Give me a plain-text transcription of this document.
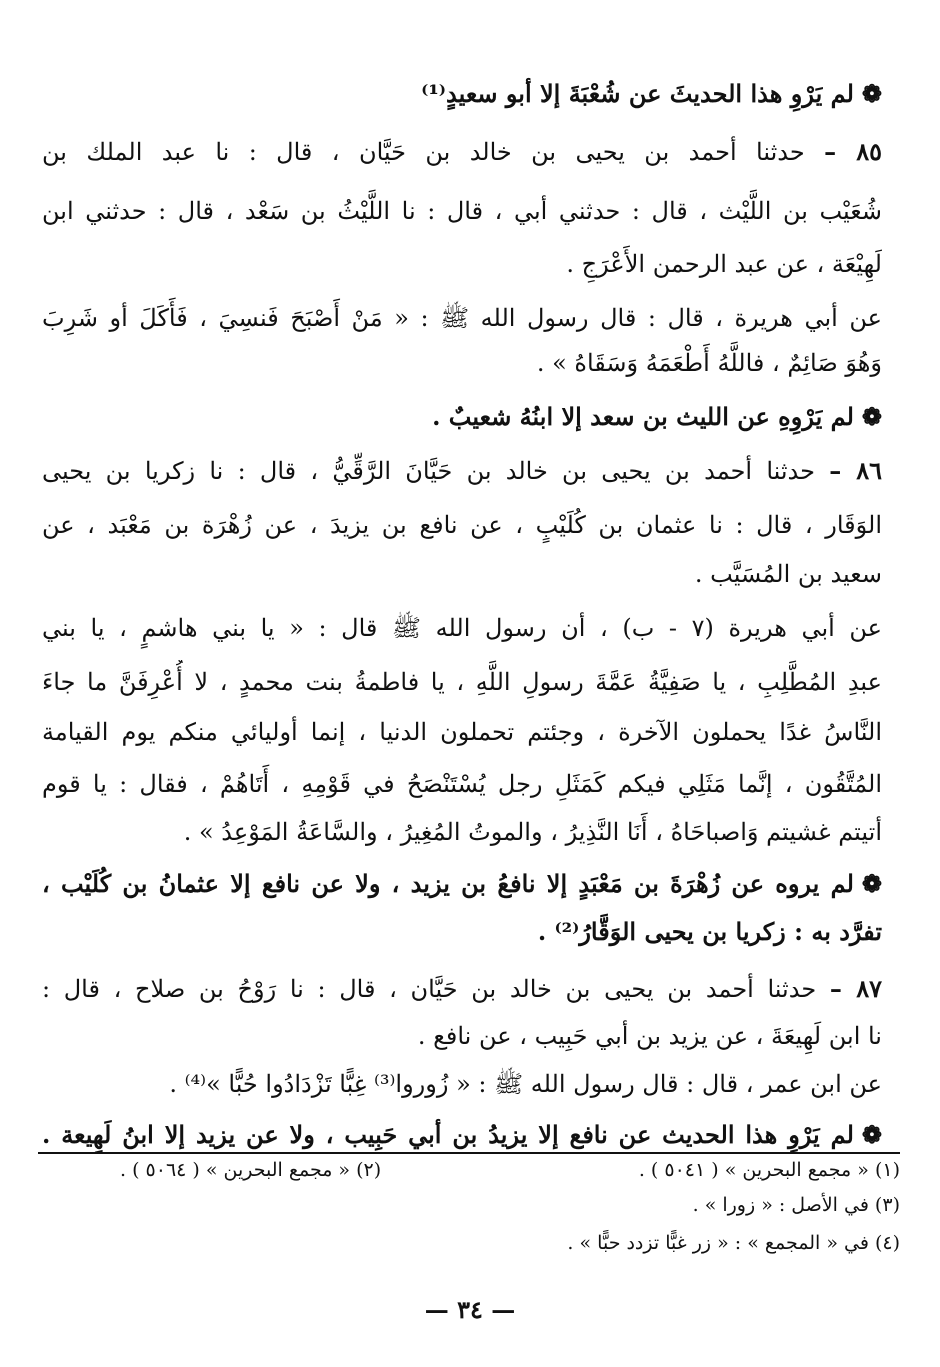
❁لم يَرْوِ هذا الحديثَ عن شُعْبَةَ إلا أبو سعيدٍ⁽¹⁾
٨٥ – حدثنا أحمد بن يحيى بن خالد بن حَيَّان ، قال : نا عبد الملك بن
شُعَيْب بن اللَّيْث ، قال : حدثني أبي ، قال : نا اللَّيْثُ بن سَعْد ، قال : حدثني ابن
لَهِيْعَة ، عن عبد الرحمن الأَعْرَجِ .
عن أبي هريرة ، قال : قال رسول الله ﷺ : « مَنْ أَصْبَحَ فَنسِيَ ، فَأَكَلَ أو شَرِبَ
وَهُوَ صَائِمٌ ، فاللَّهُ أَطْعَمَهُ وَسَقَاهُ » .
❁لم يَرْوِهِ عن الليث بن سعد إلا ابنُهُ شعيبٌ .
٨٦ – حدثنا أحمد بن يحيى بن خالد بن حَيَّانَ الرَّقِّيُّ ، قال : نا زكريا بن يحيى
الوَقَار ، قال : نا عثمان بن كُلَيْبٍ ، عن نافع بن يزيدَ ، عن زُهْرَة بن مَعْبَد ، عن
سعيد بن المُسَيَّب .
عن أبي هريرة (٧ - ب) ، أن رسول الله ﷺ قال : « يا بني هاشمٍ ، يا بني
عبدِ المُطَّلِبِ ، يا صَفِيَّةُ عَمَّةَ رسولِ اللَّهِ ، يا فاطمةُ بنت محمدٍ ، لا أُعْرِفَنَّ ما جاءَ
النَّاسُ غدًا يحملون الآخرة ، وجئتم تحملون الدنيا ، إنما أوليائي منكم يوم القيامة
المُتَّقُون ، إنَّما مَثَلِي فيكم كَمَثَلِ رجل يُسْتَنْصَحُ في قَوْمِهِ ، أَتَاهُمْ ، فقال : يا قوم
أتيتم غشيتم وَاصباحَاهُ ، أَنَا النَّذِيرُ ، والموتُ المُغِيرُ ، والسَّاعَةُ المَوْعِدُ » .
❁لم يروه عن زُهْرَةَ بن مَعْبَدٍ إلا نافعُ بن يزيد ، ولا عن نافع إلا عثمانُ بن كُلَيْب ،
تفرَّد به : زكريا بن يحيى الوَقَّارُ⁽²⁾ .
٨٧ – حدثنا أحمد بن يحيى بن خالد بن حَيَّان ، قال : نا رَوْحُ بن صلاح ، قال :
نا ابن لَهِيعَةَ ، عن يزيد بن أبي حَبِيب ، عن نافع .
عن ابن عمر ، قال : قال رسول الله ﷺ : « زُوروا⁽³⁾ غِبًّا تَزْدَادُوا حُبًّا »⁽⁴⁾ .
❁لم يَرْوِ هذا الحديث عن نافع إلا يزيدُ بن أبي حَبِيب ، ولا عن يزيد إلا ابنُ لَهِيعة .
(١) « مجمع البحرين » ( ٥٠٤١ ) .
(٢) « مجمع البحرين » ( ٥٠٦٤ ) .
(٣) في الأصل : « زورا » .
(٤) في « المجمع » : « زر غبًّا تزدد حبًّا » .
— ٣٤ —
